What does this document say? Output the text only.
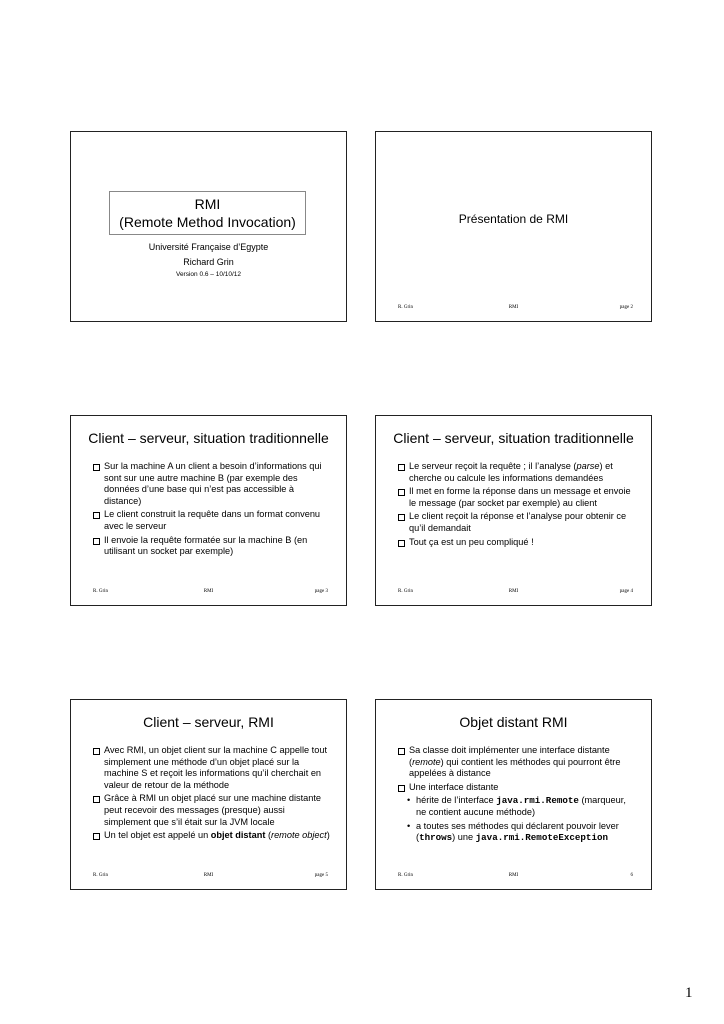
RMI
(Remote Method Invocation)
Université Française d’Egypte
Richard Grin
Version 0.6 – 10/10/12
Présentation de RMI
R. Grin	RMI	page 2
Client – serveur, situation traditionnelle
Sur la machine A un client a besoin d’informations qui sont sur une autre machine B (par exemple des données d’une base qui n’est pas accessible à distance)
Le client construit la requête dans un format convenu avec le serveur
Il envoie la requête formatée sur la machine B (en utilisant un socket par exemple)
R. Grin	RMI	page 3
Client – serveur, situation traditionnelle
Le serveur reçoit la requête ; il l’analyse (parse) et cherche ou calcule les informations demandées
Il met en forme la réponse dans un message et envoie le message (par socket par exemple) au client
Le client reçoit la réponse et l’analyse pour obtenir ce qu’il demandait
Tout ça est un peu compliqué !
R. Grin	RMI	page 4
Client – serveur, RMI
Avec RMI, un objet client sur la machine C appelle tout simplement une méthode d’un objet placé sur la machine S et reçoit les informations qu’il cherchait en valeur de retour de la méthode
Grâce à RMI un objet placé sur une machine distante peut recevoir des messages (presque) aussi simplement que s’il était sur la JVM locale
Un tel objet est appelé un objet distant (remote object)
R. Grin	RMI	page 5
Objet distant RMI
Sa classe doit implémenter une interface distante (remote) qui contient les méthodes qui pourront être appelées à distance
Une interface distante
• hérite de l’interface java.rmi.Remote (marqueur, ne contient aucune méthode)
• a toutes ses méthodes qui déclarent pouvoir lever (throws) une java.rmi.RemoteException
R. Grin	RMI	6
1
